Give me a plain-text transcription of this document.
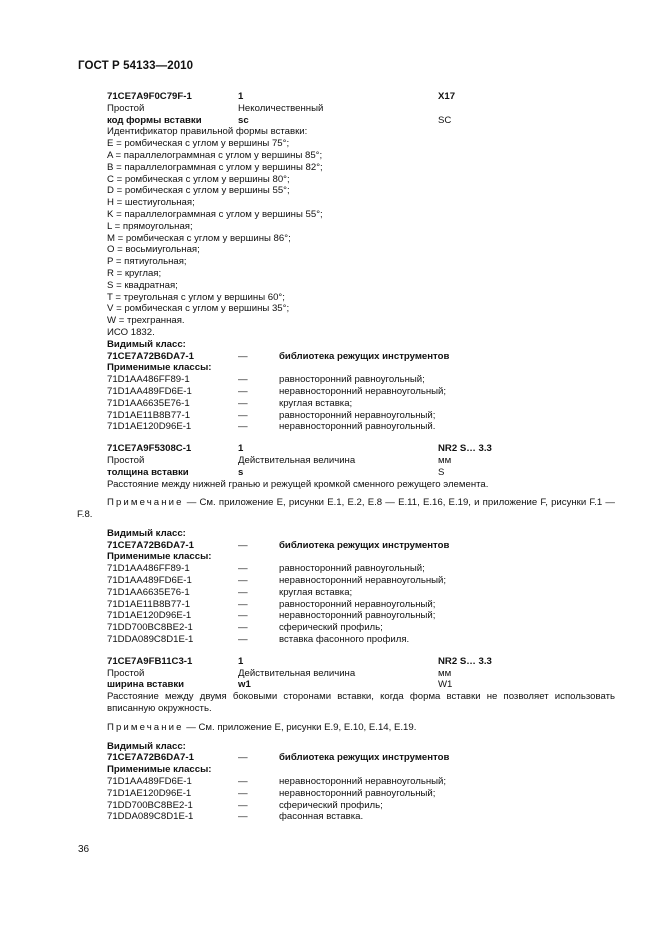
ГОСТ Р 54133—2010
71CE7A9F0C79F-1	1	X17
Простой	Неколичественный
код формы вставки	sc	SC
Идентификатор правильной формы вставки:
E = ромбическая с углом у вершины 75°;
A = параллелограммная с углом у вершины 85°;
B = параллелограммная с углом у вершины 82°;
C = ромбическая с углом у вершины 80°;
D = ромбическая с углом у вершины 55°;
H = шестиугольная;
K = параллелограммная с углом у вершины 55°;
L = прямоугольная;
M = ромбическая с углом у вершины 86°;
O = восьмиугольная;
P = пятиугольная;
R = круглая;
S = квадратная;
T = треугольная с углом у вершины 60°;
V = ромбическая с углом у вершины 35°;
W = трехгранная.
ИСО 1832.
Видимый класс:
71CE7A72B6DA7-1	—	библиотека режущих инструментов
Применимые классы:
71D1AA486FF89-1	—	равносторонний равноугольный;
71D1AA489FD6E-1	—	неравносторонний неравноугольный;
71D1AA6635E76-1	—	круглая вставка;
71D1AE11B8B77-1	—	равносторонний неравноугольный;
71D1AE120D96E-1	—	неравносторонний равноугольный.
71CE7A9F5308C-1	1	NR2 S… 3.3
Простой	Действительная величина	мм
толщина вставки	s	S
Расстояние между нижней гранью и режущей кромкой сменного режущего элемента.
Примечание — См. приложение E, рисунки E.1, E.2, E.8 — E.11, E.16, E.19, и приложение F, рисунки F.1 — F.8.
Видимый класс:
71CE7A72B6DA7-1	—	библиотека режущих инструментов
Применимые классы:
71D1AA486FF89-1	—	равносторонний равноугольный;
71D1AA489FD6E-1	—	неравносторонний неравноугольный;
71D1AA6635E76-1	—	круглая вставка;
71D1AE11B8B77-1	—	равносторонний неравноугольный;
71D1AE120D96E-1	—	неравносторонний равноугольный;
71DD700BC8BE2-1	—	сферический профиль;
71DDA089C8D1E-1	—	вставка фасонного профиля.
71CE7A9FB11C3-1	1	NR2 S… 3.3
Простой	Действительная величина	мм
ширина вставки	w1	W1
Расстояние между двумя боковыми сторонами вставки, когда форма вставки не позволяет использовать вписанную окружность.
Примечание — См. приложение E, рисунки E.9, E.10, E.14, E.19.
Видимый класс:
71CE7A72B6DA7-1	—	библиотека режущих инструментов
Применимые классы:
71D1AA489FD6E-1	—	неравносторонний неравноугольный;
71D1AE120D96E-1	—	неравносторонний равноугольный;
71DD700BC8BE2-1	—	сферический профиль;
71DDA089C8D1E-1	—	фасонная вставка.
36
